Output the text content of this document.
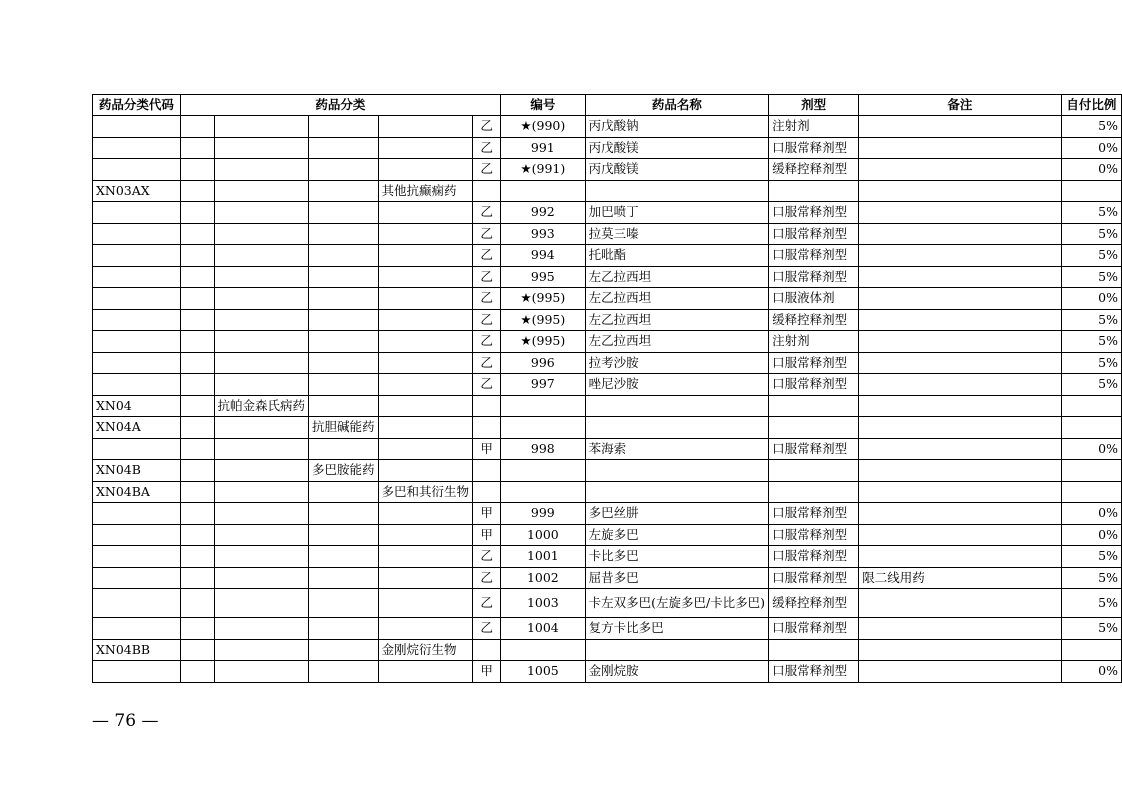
药品分类代码	药品分类					编号	药品名称	剂型	备注	自付比例
					乙	★(990)	丙戊酸钠	注射剂		5%
					乙	991	丙戊酸镁	口服常释剂型		0%
					乙	★(991)	丙戊酸镁	缓释控释剂型		0%
XN03AX				其他抗癫痫药						
					乙	992	加巴喷丁	口服常释剂型		5%
					乙	993	拉莫三嗪	口服常释剂型		5%
					乙	994	托吡酯	口服常释剂型		5%
					乙	995	左乙拉西坦	口服常释剂型		5%
					乙	★(995)	左乙拉西坦	口服液体剂		0%
					乙	★(995)	左乙拉西坦	缓释控释剂型		5%
					乙	★(995)	左乙拉西坦	注射剂		5%
					乙	996	拉考沙胺	口服常释剂型		5%
					乙	997	唑尼沙胺	口服常释剂型		5%
XN04		抗帕金森氏病药								
XN04A			抗胆碱能药							
					甲	998	苯海索	口服常释剂型		0%
XN04B			多巴胺能药							
XN04BA				多巴和其衍生物						
					甲	999	多巴丝肼	口服常释剂型		0%
					甲	1000	左旋多巴	口服常释剂型		0%
					乙	1001	卡比多巴	口服常释剂型		5%
					乙	1002	屈昔多巴	口服常释剂型	限二线用药	5%
					乙	1003	卡左双多巴(左旋多巴/卡比多巴)	缓释控释剂型		5%
					乙	1004	复方卡比多巴	口服常释剂型		5%
XN04BB				金刚烷衍生物						
					甲	1005	金刚烷胺	口服常释剂型		0%
— 76 —
